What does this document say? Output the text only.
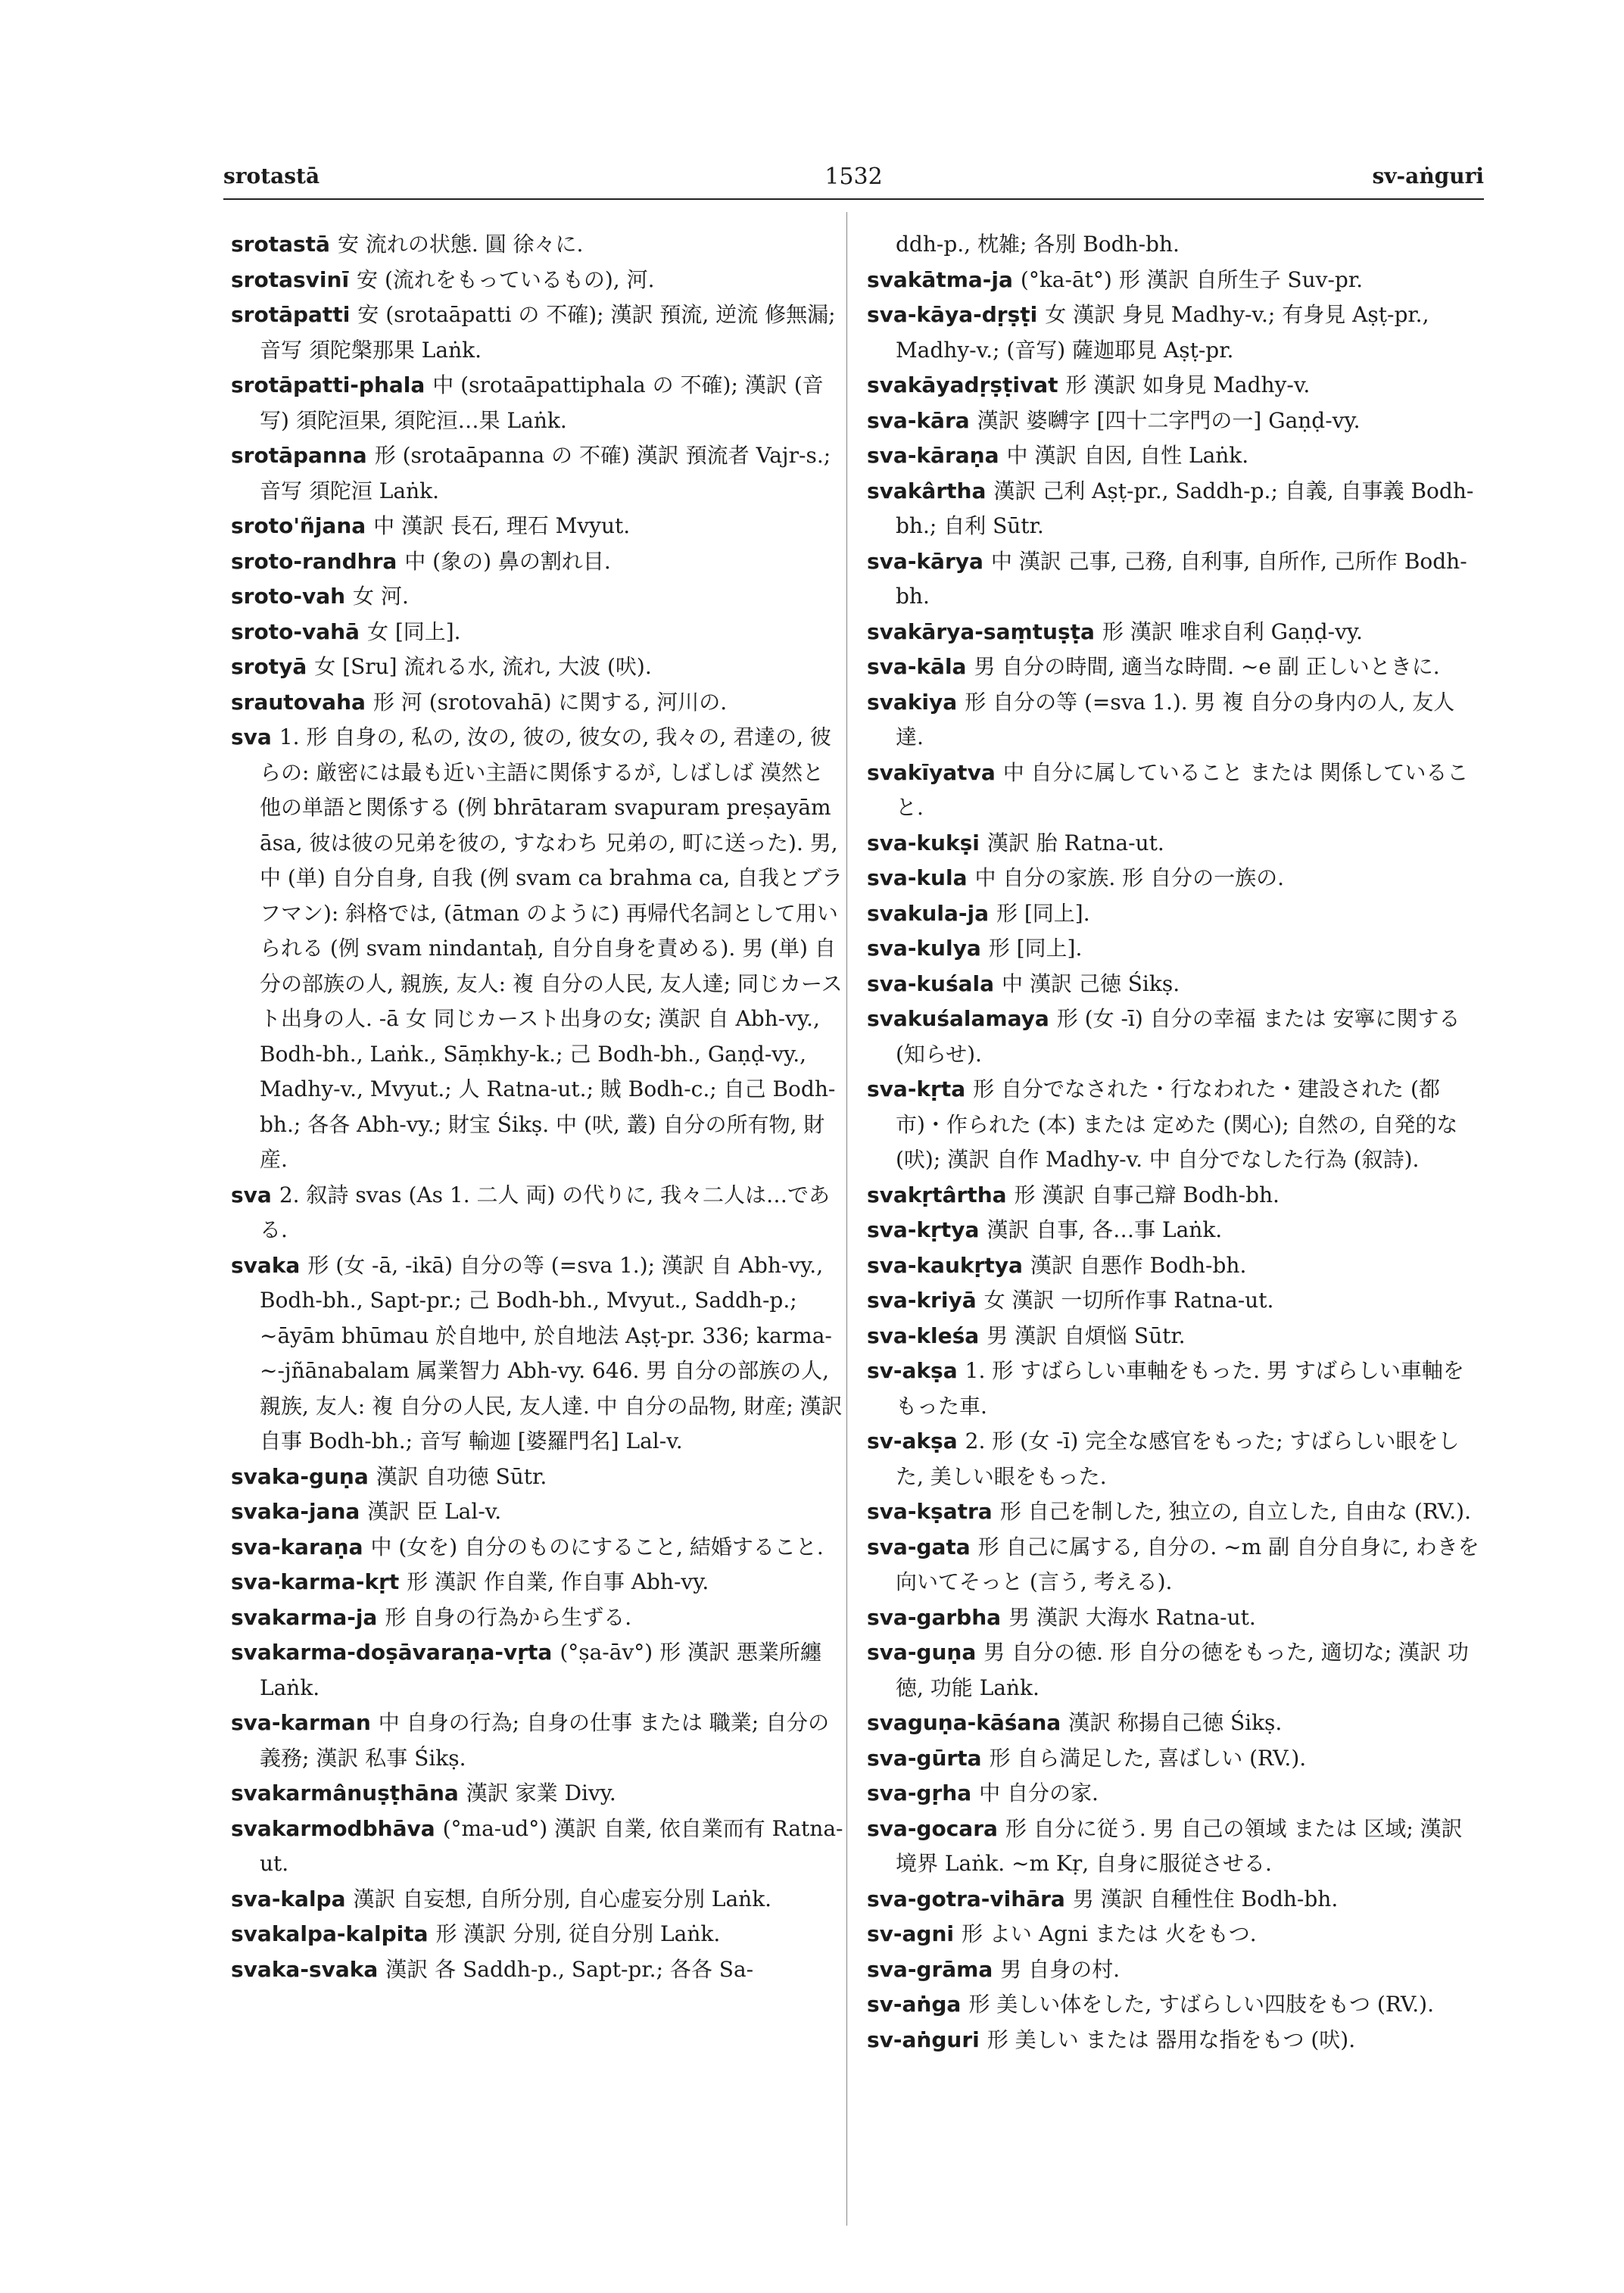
1532
srotastā	sv-aṅguri

srotastā 安 流れの状態. 圓 徐々に.

srotasvinī 安 (流れをもっているもの), 河.

srotāpatti 安 (srotaāpatti の 不確); 漢訳 預流, 逆流 修無漏; 音写 須陀槃那果 Laṅk.

srotāpatti-phala 中 (srotaāpattiphala の 不確); 漢訳 (音写) 須陀洹果, 須陀洹…果 Laṅk.

srotāpanna 形 (srotaāpanna の 不確) 漢訳 預流者 Vajr-s.; 音写 須陀洹 Laṅk.

sroto'ñjana 中 漢訳 長石, 理石 Mvyut.

sroto-randhra 中 (象の) 鼻の割れ目.

sroto-vah 女 河.

sroto-vahā 女 [同上].

srotyā 女 [Sru] 流れる水, 流れ, 大波 (吠).

srautovaha 形 河 (srotovahā) に関する, 河川の.

sva 1. 形 自身の, 私の, 汝の, 彼の, 彼女の, 我々の, 君達の, 彼らの: 厳密には最も近い主語に関係するが, しばしば 漠然と他の単語と関係する (例 bhrātaram svapuram preṣayām āsa, 彼は彼の兄弟を彼の, すなわち 兄弟の, 町に送った). 男, 中 (単) 自分自身, 自我 (例 svam ca brahma ca, 自我とブラフマン): 斜格では, (ātman のように) 再帰代名詞として用いられる (例 svam nindantaḥ, 自分自身を責める). 男 (単) 自分の部族の人, 親族, 友人: 複 自分の人民, 友人達; 同じカースト出身の人. -ā 女 同じカースト出身の女; 漢訳 自 Abh-vy., Bodh-bh., Laṅk., Sāṃkhy-k.; 己 Bodh-bh., Gaṇḍ-vy., Madhy-v., Mvyut.; 人 Ratna-ut.; 賊 Bodh-c.; 自己 Bodh-bh.; 各各 Abh-vy.; 財宝 Śikṣ. 中 (吠, 叢) 自分の所有物, 財産.

sva 2. 叙詩 svas (As 1. 二人 両) の代りに, 我々二人は…である.

svaka 形 (女 -ā, -ikā) 自分の等 (=sva 1.); 漢訳 自 Abh-vy., Bodh-bh., Sapt-pr.; 己 Bodh-bh., Mvyut., Saddh-p.; ~āyām bhūmau 於自地中, 於自地法 Aṣṭ-pr. 336; karma-~-jñānabalam 属業智力 Abh-vy. 646. 男 自分の部族の人, 親族, 友人: 複 自分の人民, 友人達. 中 自分の品物, 財産; 漢訳 自事 Bodh-bh.; 音写 輸迦 [婆羅門名] Lal-v.

svaka-guṇa 漢訳 自功徳 Sūtr.

svaka-jana 漢訳 臣 Lal-v.

sva-karaṇa 中 (女を) 自分のものにすること, 結婚すること.

sva-karma-kṛt 形 漢訳 作自業, 作自事 Abh-vy.

svakarma-ja 形 自身の行為から生ずる.

svakarma-doṣāvaraṇa-vṛta (°ṣa-āv°) 形 漢訳 悪業所纏 Laṅk.

sva-karman 中 自身の行為; 自身の仕事 または 職業; 自分の義務; 漢訳 私事 Śikṣ.

svakarmânuṣṭhāna 漢訳 家業 Divy.

svakarmodbhāva (°ma-ud°) 漢訳 自業, 依自業而有 Ratna-ut.

sva-kalpa 漢訳 自妄想, 自所分別, 自心虚妄分別 Laṅk.

svakalpa-kalpita 形 漢訳 分別, 従自分別 Laṅk.

svaka-svaka 漢訳 各 Saddh-p., Sapt-pr.; 各各 Sa-

ddh-p., 枕雑; 各別 Bodh-bh.

svakātma-ja (°ka-āt°) 形 漢訳 自所生子 Suv-pr.

sva-kāya-dṛṣṭi 女 漢訳 身見 Madhy-v.; 有身見 Aṣṭ-pr., Madhy-v.; (音写) 薩迦耶見 Aṣṭ-pr.

svakāyadṛṣṭivat 形 漢訳 如身見 Madhy-v.

sva-kāra 漢訳 婆嚩字 [四十二字門の一] Gaṇḍ-vy.

sva-kāraṇa 中 漢訳 自因, 自性 Laṅk.

svakârtha 漢訳 己利 Aṣṭ-pr., Saddh-p.; 自義, 自事義 Bodh-bh.; 自利 Sūtr.

sva-kārya 中 漢訳 己事, 己務, 自利事, 自所作, 己所作 Bodh-bh.

svakārya-saṃtuṣṭa 形 漢訳 唯求自利 Gaṇḍ-vy.

sva-kāla 男 自分の時間, 適当な時間. ~e 副 正しいときに.

svakiya 形 自分の等 (=sva 1.). 男 複 自分の身内の人, 友人達.

svakīyatva 中 自分に属していること または 関係していること.

sva-kukṣi 漢訳 胎 Ratna-ut.

sva-kula 中 自分の家族. 形 自分の一族の.

svakula-ja 形 [同上].

sva-kulya 形 [同上].

sva-kuśala 中 漢訳 己徳 Śikṣ.

svakuśalamaya 形 (女 -ī) 自分の幸福 または 安寧に関する (知らせ).

sva-kṛta 形 自分でなされた・行なわれた・建設された (都市)・作られた (本) または 定めた (関心); 自然の, 自発的な (吠); 漢訳 自作 Madhy-v. 中 自分でなした行為 (叙詩).

svakṛtârtha 形 漢訳 自事己辯 Bodh-bh.

sva-kṛtya 漢訳 自事, 各…事 Laṅk.

sva-kaukṛtya 漢訳 自悪作 Bodh-bh.

sva-kriyā 女 漢訳 一切所作事 Ratna-ut.

sva-kleśa 男 漢訳 自煩悩 Sūtr.

sv-akṣa 1. 形 すばらしい車軸をもった. 男 すばらしい車軸をもった車.

sv-akṣa 2. 形 (女 -ī) 完全な感官をもった; すばらしい眼をした, 美しい眼をもった.

sva-kṣatra 形 自己を制した, 独立の, 自立した, 自由な (RV.).

sva-gata 形 自己に属する, 自分の. ~m 副 自分自身に, わきを向いてそっと (言う, 考える).

sva-garbha 男 漢訳 大海水 Ratna-ut.

sva-guṇa 男 自分の徳. 形 自分の徳をもった, 適切な; 漢訳 功徳, 功能 Laṅk.

svaguṇa-kāśana 漢訳 称揚自己徳 Śikṣ.

sva-gūrta 形 自ら満足した, 喜ばしい (RV.).

sva-gṛha 中 自分の家.

sva-gocara 形 自分に従う. 男 自己の領域 または 区域; 漢訳 境界 Laṅk. ~m Kṛ, 自身に服従させる.

sva-gotra-vihāra 男 漢訳 自種性住 Bodh-bh.

sv-agni 形 よい Agni または 火をもつ.

sva-grāma 男 自身の村.

sv-aṅga 形 美しい体をした, すばらしい四肢をもつ (RV.).

sv-aṅguri 形 美しい または 器用な指をもつ (吠).
